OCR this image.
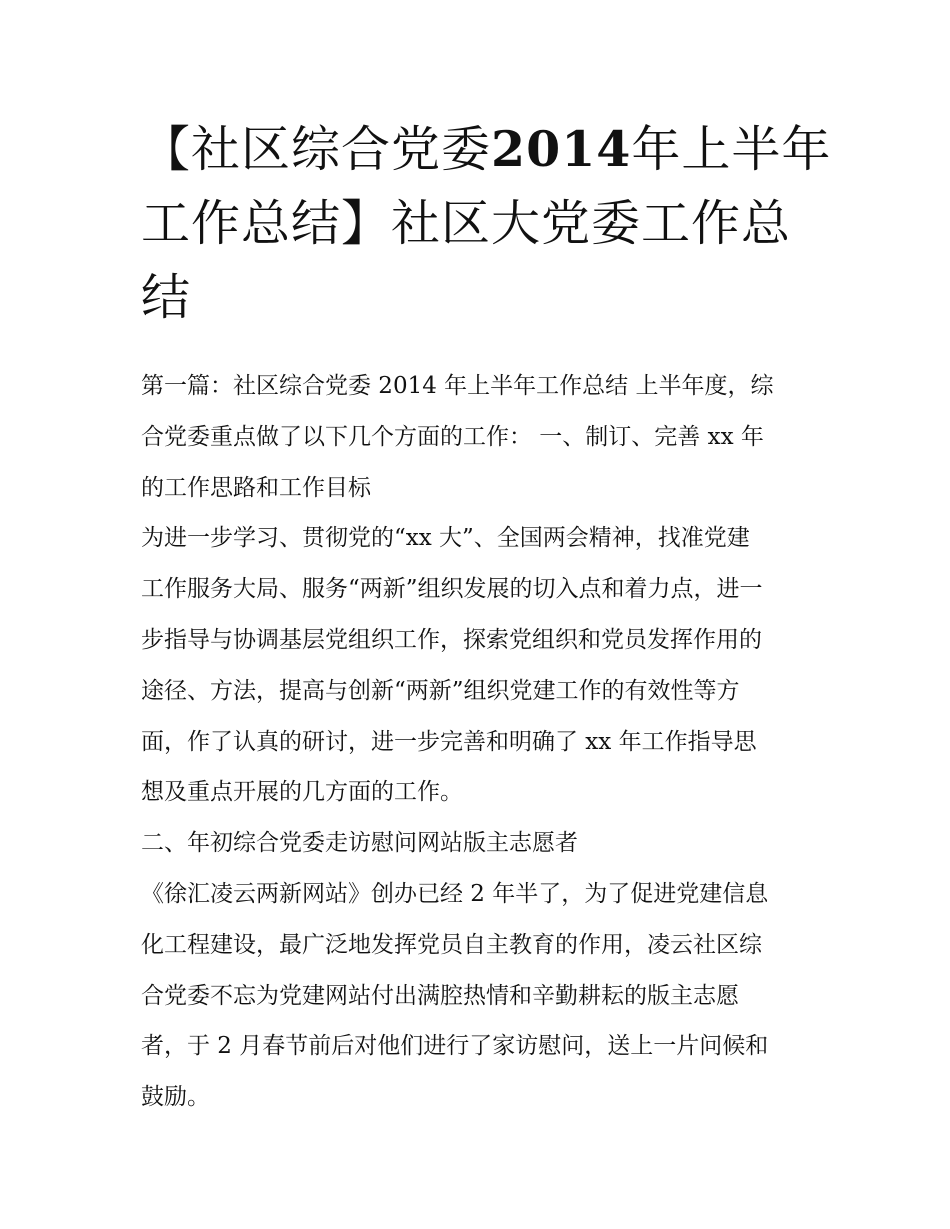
【社区综合党委2014年上半年
工作总结】社区大党委工作总
结
第一篇：社区综合党委 2014 年上半年工作总结 上半年度，综
合党委重点做了以下几个方面的工作： 一、制订、完善 xx 年
的工作思路和工作目标
为进一步学习、贯彻党的“xx 大”、全国两会精神，找准党建
工作服务大局、服务“两新”组织发展的切入点和着力点，进一
步指导与协调基层党组织工作，探索党组织和党员发挥作用的
途径、方法，提高与创新“两新”组织党建工作的有效性等方
面，作了认真的研讨，进一步完善和明确了 xx 年工作指导思
想及重点开展的几方面的工作。
二、年初综合党委走访慰问网站版主志愿者
《徐汇凌云两新网站》创办已经 2 年半了，为了促进党建信息
化工程建设，最广泛地发挥党员自主教育的作用，凌云社区综
合党委不忘为党建网站付出满腔热情和辛勤耕耘的版主志愿
者，于 2 月春节前后对他们进行了家访慰问，送上一片问候和
鼓励。
